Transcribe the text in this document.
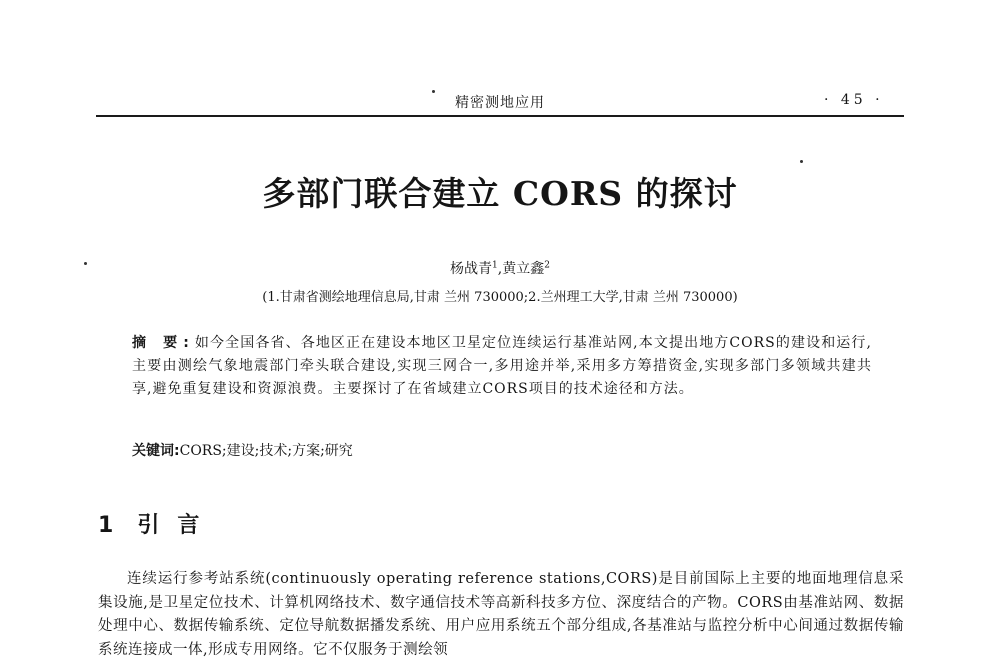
精密测地应用	· 45 ·
多部门联合建立 CORS 的探讨
杨战青$^1$,黄立鑫$^2$
(1.甘肃省测绘地理信息局,甘肃 兰州 730000;2.兰州理工大学,甘肃 兰州 730000)
摘 要:如今全国各省、各地区正在建设本地区卫星定位连续运行基准站网,本文提出地方CORS的建设和运行,主要由测绘气象地震部门牵头联合建设,实现三网合一,多用途并举,采用多方筹措资金,实现多部门多领域共建共享,避免重复建设和资源浪费。主要探讨了在省域建立CORS项目的技术途径和方法。
关键词:CORS;建设;技术;方案;研究
1 引言
连续运行参考站系统(continuously operating reference stations,CORS)是目前国际上主要的地面地理信息采集设施,是卫星定位技术、计算机网络技术、数字通信技术等高新科技多方位、深度结合的产物。CORS由基准站网、数据处理中心、数据传输系统、定位导航数据播发系统、用户应用系统五个部分组成,各基准站与监控分析中心间通过数据传输系统连接成一体,形成专用网络。它不仅服务于测绘领
